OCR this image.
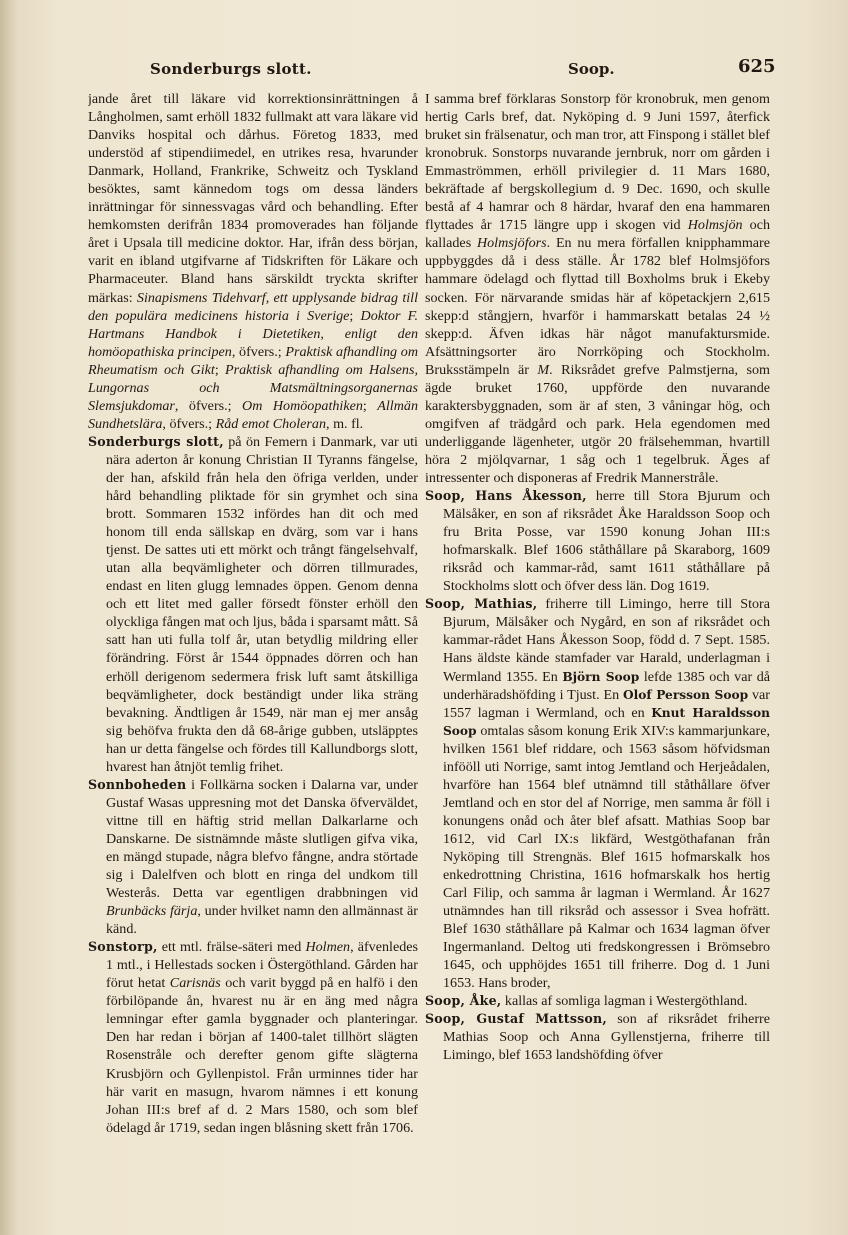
Sonderburgs slott.	Soop.	625

jande året till läkare vid korrektionsinrättningen å Långholmen, samt erhöll 1832 fullmakt att vara läkare vid Danviks hospital och dårhus. Företog 1833, med understöd af stipendiimedel, en utrikes resa, hvarunder Danmark, Holland, Frankrike, Schweitz och Tyskland besöktes, samt kännedom togs om dessa länders inrättningar för sinnessvagas vård och behandling. Efter hemkomsten derifrån 1834 promoverades han följande året i Upsala till medicine doktor. Har, ifrån dess början, varit en ibland utgifvarne af Tidskriften för Läkare och Pharmaceuter. Bland hans särskildt tryckta skrifter märkas: Sinapismens Tidehvarf, ett upplysande bidrag till den populära medicinens historia i Sverige; Doktor F. Hartmans Handbok i Dietetiken, enligt den homöopathiska principen, öfvers.; Praktisk afhandling om Rheumatism och Gikt; Praktisk afhandling om Halsens, Lungornas och Matsmältningsorganernas Slemsjukdomar, öfvers.; Om Homöopathiken; Allmän Sundhetslära, öfvers.; Råd emot Choleran, m. fl.

Sonderburgs slott, på ön Femern i Danmark, var uti nära aderton år konung Christian II Tyranns fängelse, der han, afskild från hela den öfriga verlden, under hård behandling pliktade för sin grymhet och sina brott. Sommaren 1532 infördes han dit och med honom till enda sällskap en dvärg, som var i hans tjenst. De sattes uti ett mörkt och trångt fängelsehvalf, utan alla beqvämligheter och dörren tillmurades, endast en liten glugg lemnades öppen. Genom denna och ett litet med galler försedt fönster erhöll den olyckliga fången mat och ljus, båda i sparsamt mått. Så satt han uti fulla tolf år, utan betydlig mildring eller förändring. Först år 1544 öppnades dörren och han erhöll derigenom sedermera frisk luft samt åtskilliga beqvämligheter, dock beständigt under lika sträng bevakning. Ändtligen år 1549, när man ej mer ansåg sig behöfva frukta den då 68-årige gubben, utsläpptes han ur detta fängelse och fördes till Kallundborgs slott, hvarest han åtnjöt temlig frihet.

Sonnboheden i Follkärna socken i Dalarna var, under Gustaf Wasas uppresning mot det Danska öfverväldet, vittne till en häftig strid mellan Dalkarlarne och Danskarne. De sistnämnde måste slutligen gifva vika, en mängd stupade, några blefvo fångne, andra störtade sig i Dalelfven och blott en ringa del undkom till Westerås. Detta var egentligen drabbningen vid Brunbäcks färja, under hvilket namn den allmännast är känd.

Sonstorp, ett mtl. frälse-säteri med Holmen, äfvenledes 1 mtl., i Hellestads socken i Östergöthland. Gården har förut hetat Carisnäs och varit byggd på en halfö i den förbilöpande ån, hvarest nu är en äng med några lemningar efter gamla byggnader och planteringar. Den har redan i början af 1400-talet tillhört slägten Rosenstråle och derefter genom gifte slägterna Krusbjörn och Gyllenpistol. Från urminnes tider har här varit en masugn, hvarom nämnes i ett konung Johan III:s bref af d. 2 Mars 1580, och som blef ödelagd år 1719, sedan ingen blåsning skett från 1706.

I samma bref förklaras Sonstorp för kronobruk, men genom hertig Carls bref, dat. Nyköping d. 9 Juni 1597, återfick bruket sin frälsenatur, och man tror, att Finspong i stället blef kronobruk. Sonstorps nuvarande jernbruk, norr om gården i Emmaströmmen, erhöll privilegier d. 11 Mars 1680, bekräftade af bergskollegium d. 9 Dec. 1690, och skulle bestå af 4 hamrar och 8 härdar, hvaraf den ena hammaren flyttades år 1715 längre upp i skogen vid Holmsjön och kallades Holmsjöfors. En nu mera förfallen knipphammare uppbyggdes då i dess ställe. År 1782 blef Holmsjöfors hammare ödelagd och flyttad till Boxholms bruk i Ekeby socken. För närvarande smidas här af köpetackjern 2,615 skepp:d stångjern, hvarför i hammarskatt betalas 24 ½ skepp:d. Äfven idkas här något manufaktursmide. Afsättningsorter äro Norrköping och Stockholm. Bruksstämpeln är M. Riksrådet grefve Palmstjerna, som ägde bruket 1760, uppförde den nuvarande karaktersbyggnaden, som är af sten, 3 våningar hög, och omgifven af trädgård och park. Hela egendomen med underliggande lägenheter, utgör 20 frälsehemman, hvartill höra 2 mjölqvarnar, 1 såg och 1 tegelbruk. Äges af intressenter och disponeras af Fredrik Mannerstråle.

Soop, Hans Åkesson, herre till Stora Bjurum och Mälsåker, en son af riksrådet Åke Haraldsson Soop och fru Brita Posse, var 1590 konung Johan III:s hofmarskalk. Blef 1606 ståthållare på Skaraborg, 1609 riksråd och kammar-råd, samt 1611 ståthållare på Stockholms slott och öfver dess län. Dog 1619.

Soop, Mathias, friherre till Limingo, herre till Stora Bjurum, Mälsåker och Nygård, en son af riksrådet och kammar-rådet Hans Åkesson Soop, född d. 7 Sept. 1585. Hans äldste kände stamfader var Harald, underlagman i Wermland 1355. En Björn Soop lefde 1385 och var då underhäradshöfding i Tjust. En Olof Persson Soop var 1557 lagman i Wermland, och en Knut Haraldsson Soop omtalas såsom konung Erik XIV:s kammarjunkare, hvilken 1561 blef riddare, och 1563 såsom höfvidsman infööll uti Norrige, samt intog Jemtland och Herjeådalen, hvarföre han 1564 blef utnämnd till ståthållare öfver Jemtland och en stor del af Norrige, men samma år föll i konungens onåd och åter blef afsatt. Mathias Soop bar 1612, vid Carl IX:s likfärd, Westgöthafanan från Nyköping till Strengnäs. Blef 1615 hofmarskalk hos enkedrottning Christina, 1616 hofmarskalk hos hertig Carl Filip, och samma år lagman i Wermland. År 1627 utnämndes han till riksråd och assessor i Svea hofrätt. Blef 1630 ståthållare på Kalmar och 1634 lagman öfver Ingermanland. Deltog uti fredskongressen i Brömsebro 1645, och upphöjdes 1651 till friherre. Dog d. 1 Juni 1653. Hans broder,

Soop, Åke, kallas af somliga lagman i Westergöthland.

Soop, Gustaf Mattsson, son af riksrådet friherre Mathias Soop och Anna Gyllenstjerna, friherre till Limingo, blef 1653 landshöfding öfver
